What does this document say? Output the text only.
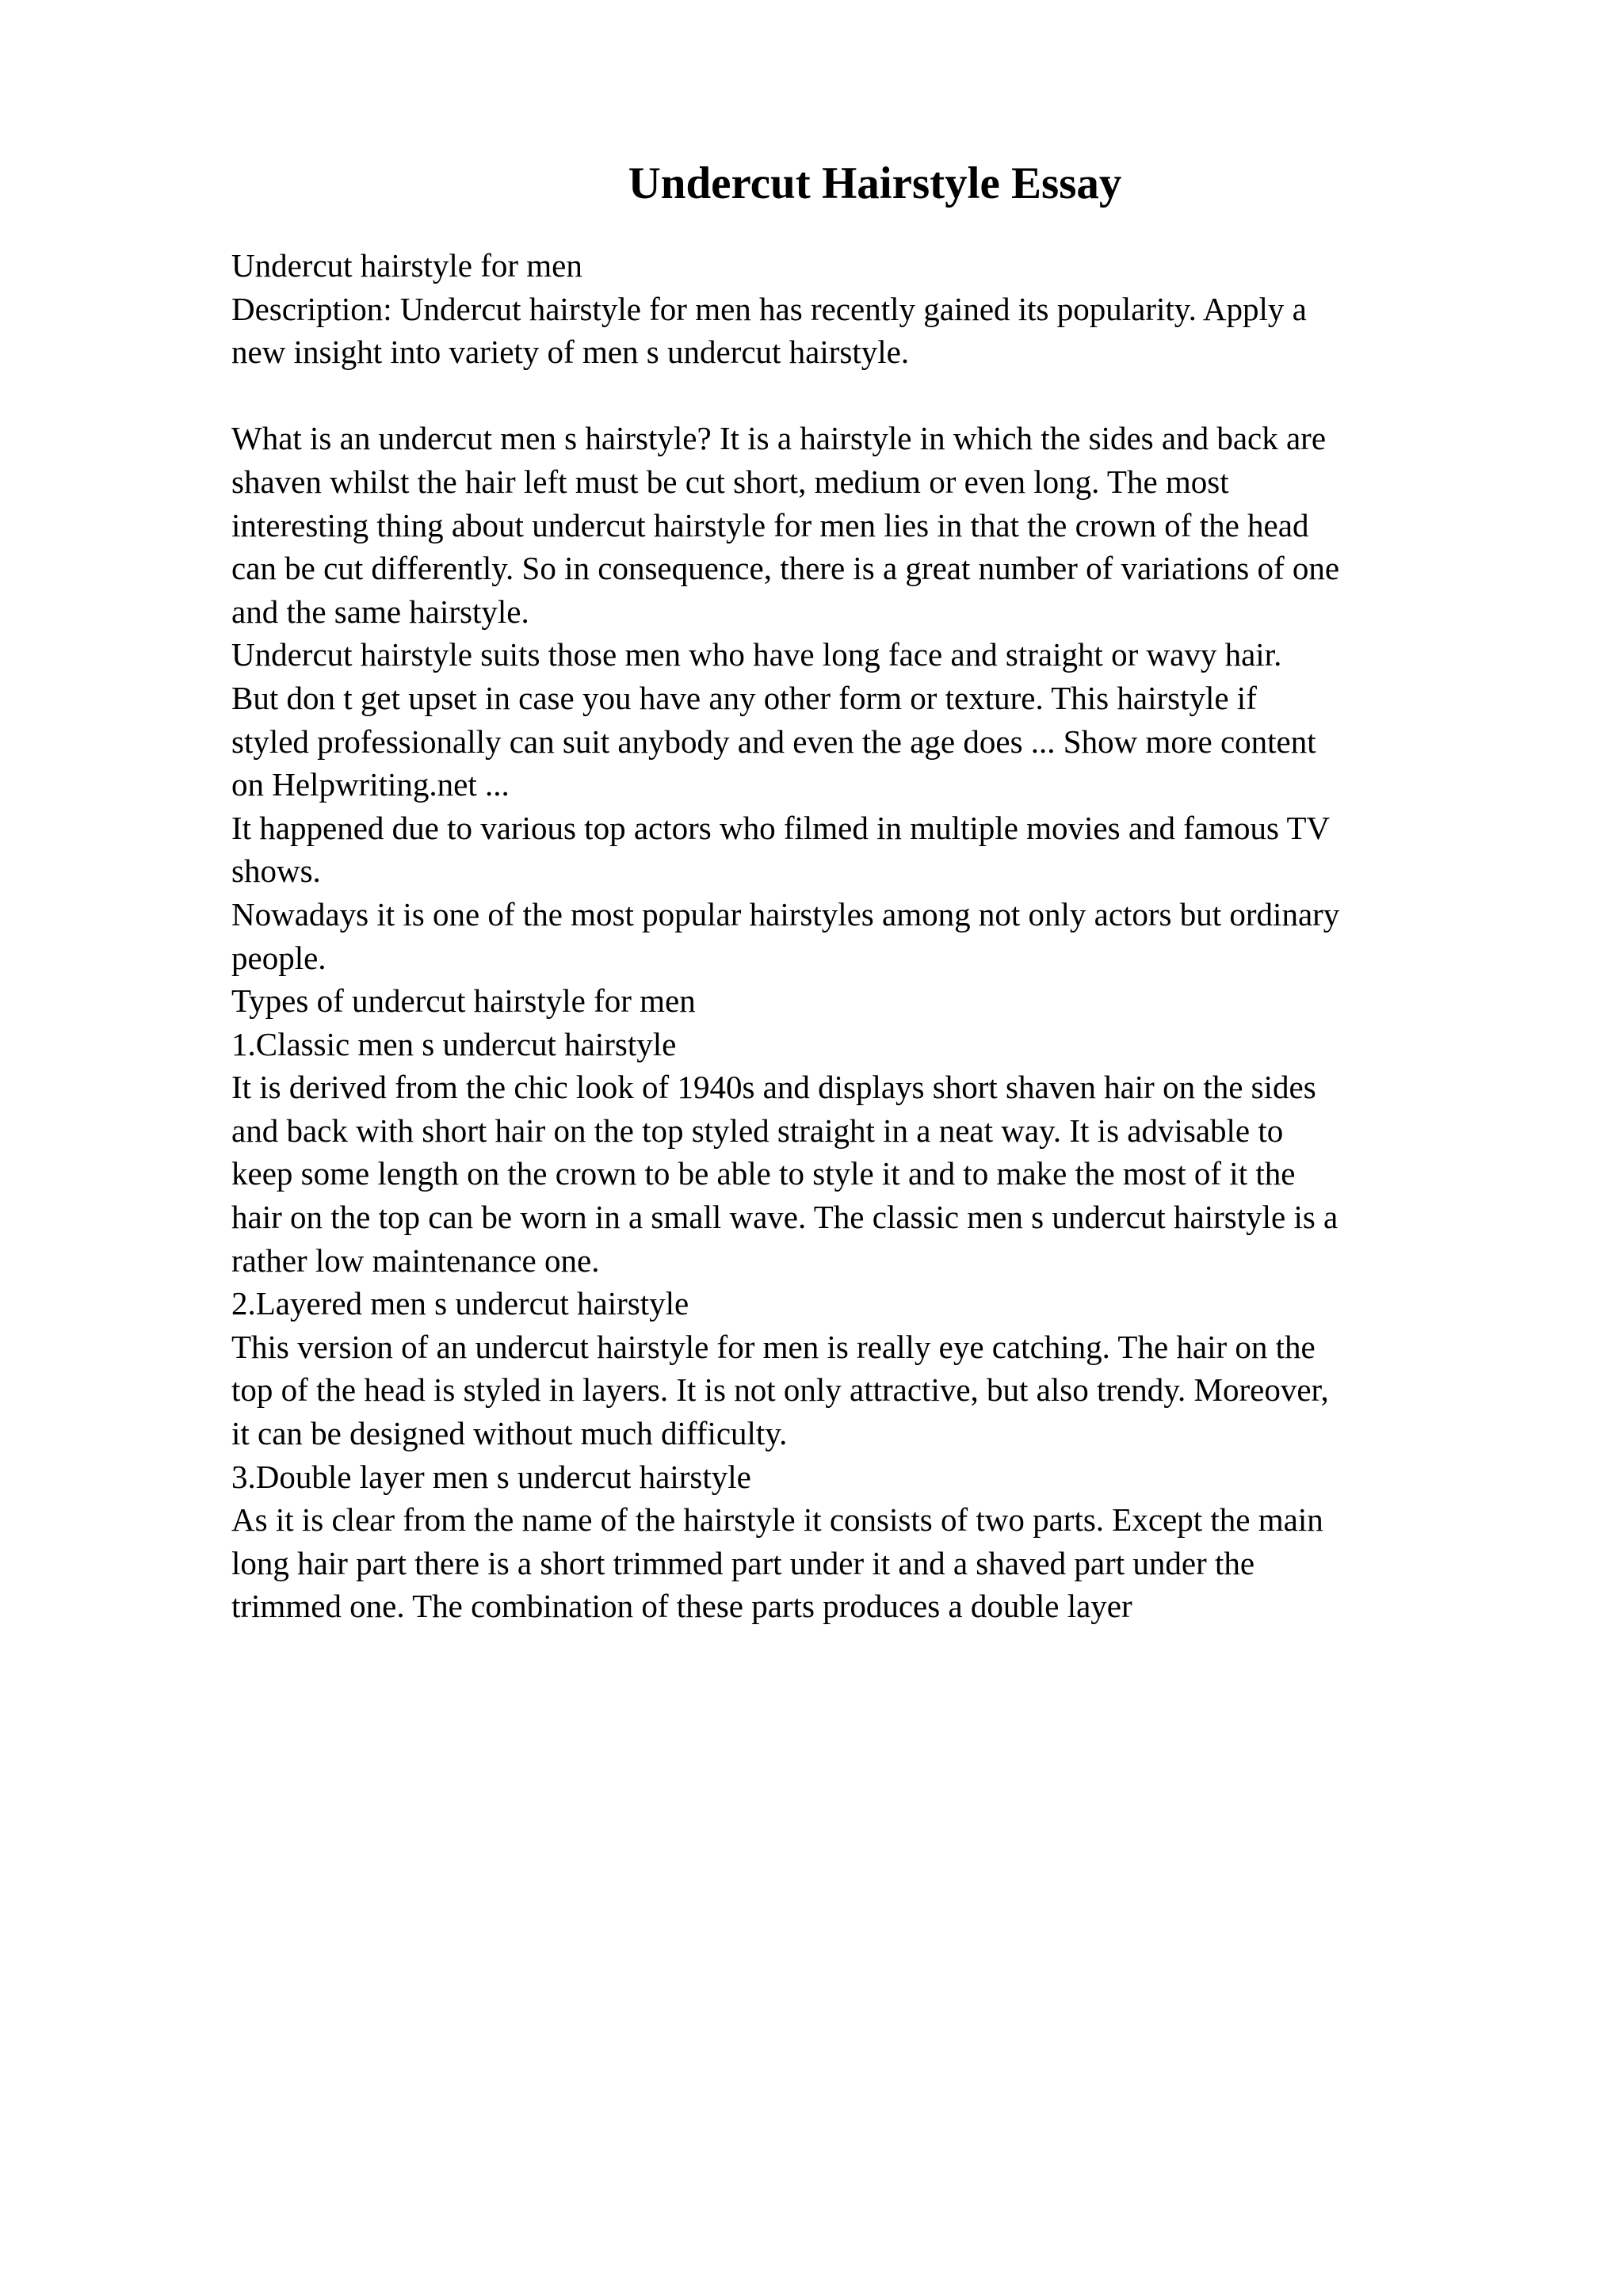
Undercut Hairstyle Essay
Undercut hairstyle for men
Description: Undercut hairstyle for men has recently gained its popularity. Apply a
new insight into variety of men s undercut hairstyle.
What is an undercut men s hairstyle? It is a hairstyle in which the sides and back are
shaven whilst the hair left must be cut short, medium or even long. The most
interesting thing about undercut hairstyle for men lies in that the crown of the head
can be cut differently. So in consequence, there is a great number of variations of one
and the same hairstyle.
Undercut hairstyle suits those men who have long face and straight or wavy hair.
But don t get upset in case you have any other form or texture. This hairstyle if
styled professionally can suit anybody and even the age does ... Show more content
on Helpwriting.net ...
It happened due to various top actors who filmed in multiple movies and famous TV
shows.
Nowadays it is one of the most popular hairstyles among not only actors but ordinary
people.
Types of undercut hairstyle for men
1.Classic men s undercut hairstyle
It is derived from the chic look of 1940s and displays short shaven hair on the sides
and back with short hair on the top styled straight in a neat way. It is advisable to
keep some length on the crown to be able to style it and to make the most of it the
hair on the top can be worn in a small wave. The classic men s undercut hairstyle is a
rather low maintenance one.
2.Layered men s undercut hairstyle
This version of an undercut hairstyle for men is really eye catching. The hair on the
top of the head is styled in layers. It is not only attractive, but also trendy. Moreover,
it can be designed without much difficulty.
3.Double layer men s undercut hairstyle
As it is clear from the name of the hairstyle it consists of two parts. Except the main
long hair part there is a short trimmed part under it and a shaved part under the
trimmed one. The combination of these parts produces a double layer
